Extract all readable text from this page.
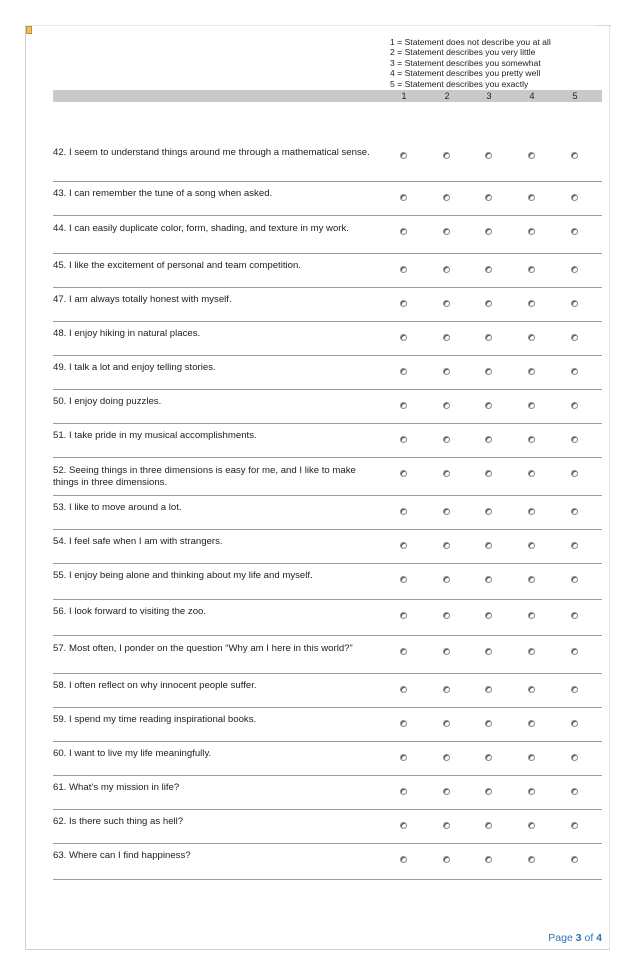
1 = Statement does not describe you at all
2 = Statement describes you very little
3 = Statement describes you somewhat
4 = Statement describes you pretty well
5 = Statement describes you exactly
1	2	3	4	5
42. I seem to understand things around me through a mathematical sense.
43. I can remember the tune of a song when asked.
44. I can easily duplicate color, form, shading, and texture in my work.
45. I like the excitement of personal and team competition.
47. I am always totally honest with myself.
48. I enjoy hiking in natural places.
49. I talk a lot and enjoy telling stories.
50. I enjoy doing puzzles.
51. I take pride in my musical accomplishments.
52. Seeing things in three dimensions is easy for me, and I like to make things in three dimensions.
53. I like to move around a lot.
54. I feel safe when I am with strangers.
55. I enjoy being alone and thinking about my life and myself.
56. I look forward to visiting the zoo.
57. Most often, I ponder on the question “Why am I here in this world?”
58. I often reflect on why innocent people suffer.
59. I spend my time reading inspirational books.
60. I want to live my life meaningfully.
61. What’s my mission in life?
62. Is there such thing as hell?
63. Where can I find happiness?
Page 3 of 4
